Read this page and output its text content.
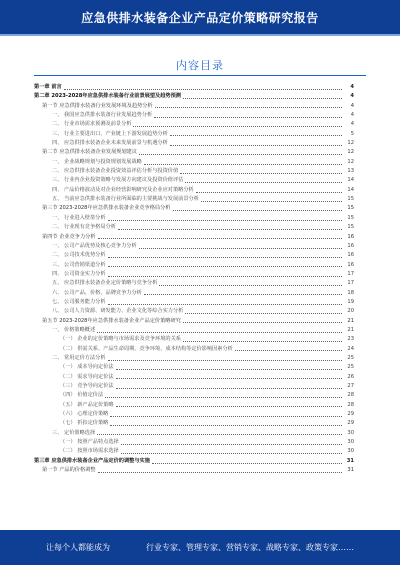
应急供排水装备企业产品定价策略研究报告
内容目录
第一章 前言	4
第二章 2023-2028年应急供排水装备行业前景展望及趋势预测	4
第一节 应急供排水装备行业发展环境及趋势分析	4
一、 我国应急供排水装备行业发展趋势分析	4
二、 行业市场需求预测及前景分析	4
三、 行业主要进出口、产业链上下游发展趋势分析	5
四、 应急供排水装备企业未来发展前景与机遇分析	12
第二节 应急供排水装备企业发展规划建议	12
一、 企业战略规划与投资规划发展战略	12
二、 应急供排水装备企业投资效益评估分析与投资价值	13
三、 行业内企业投资策略与发展方向建议及投资价值评估	14
四、 产品价格波动及对企业经营影响研究及企业应对策略分析	14
五、 当前应急供排水装备行业所面临的主要挑战与发展前景分析	15
第三节 2023-2028年应急供排水装备企业竞争格局分析	15
一、 行业进入壁垒分析	15
二、 行业现有竞争格局分析	15
第四节 企业竞争力分析	16
一、 公司产品优势及核心竞争力分析	16
二、 公司技术优势分析	16
三、 公司营销渠道分析	16
四、 公司资金实力分析	17
五、 应急供排水装备企业定价策略与竞争分析	17
六、 公司产品、价格、品牌竞争力分析	18
七、 公司服务能力分析	19
八、 公司人力资源、研发能力、企业文化等综合实力分析	20
第五节 2023-2028年应急供排水装备企业产品定价策略研究	21
一、 价格策略概述	21
（一） 企业的定价策略与市场需求及竞争环境的关系	23
（二） 供需关系、产品生命周期、竞争环境、成本结构等定价影响因素分析	24
二、 常用定价方法分析	25
（一） 成本导向定价法	25
（二） 需求导向定价法	26
（三） 竞争导向定价法	27
（四） 价值定价法	28
（五） 新产品定价策略	28
（六） 心理定价策略	29
（七） 折扣定价策略	29
三、 定价策略选择	30
（一） 按照产品特点选择	30
（二） 按照市场需求选择	30
第三章 应急供排水装备企业产品定价的调整与实施	31
第一节 产品的价格调整	31
让每个人都能成为	行业专家、管理专家、营销专家、战略专家、政策专家……
